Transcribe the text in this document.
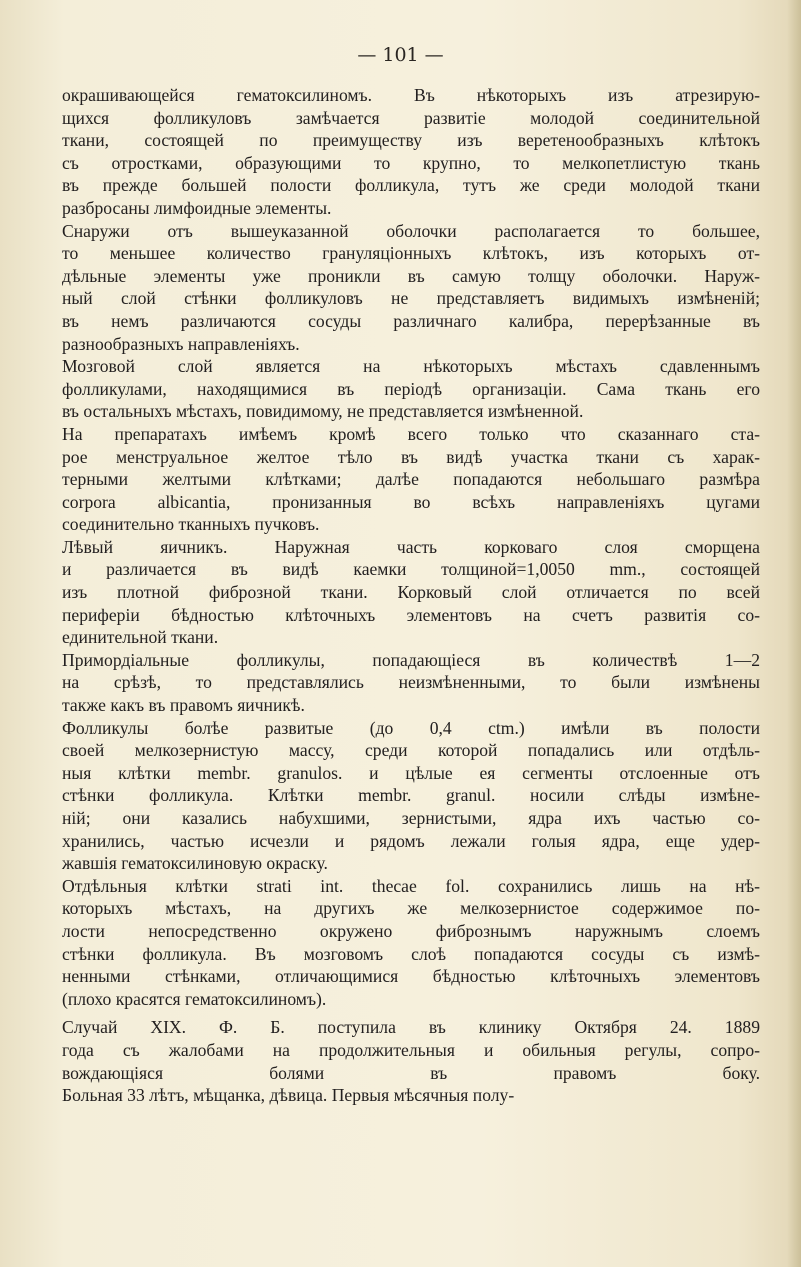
— 101 —
окрашивающейся гематоксилиномъ. Въ нѣкоторыхъ изъ атрезирую-
щихся фолликуловъ замѣчается развитіе молодой соединительной
ткани, состоящей по преимуществу изъ веретенообразныхъ клѣтокъ
съ отростками, образующими то крупно, то мелкопетлистую ткань
въ прежде большей полости фолликула, тутъ же среди молодой ткани
разбросаны лимфоидные элементы.
Снаружи отъ вышеуказанной оболочки располагается то большее,
то меньшее количество грануляціонныхъ клѣтокъ, изъ которыхъ от-
дѣльные элементы уже проникли въ самую толщу оболочки. Наруж-
ный слой стѣнки фолликуловъ не представляетъ видимыхъ измѣненій;
въ немъ различаются сосуды различнаго калибра, перерѣзанные въ
разнообразныхъ направленіяхъ.
Мозговой слой является на нѣкоторыхъ мѣстахъ сдавленнымъ
фолликулами, находящимися въ періодѣ организаціи. Сама ткань его
въ остальныхъ мѣстахъ, повидимому, не представляется измѣненной.
На препаратахъ имѣемъ кромѣ всего только что сказаннаго ста-
рое менструальное желтое тѣло въ видѣ участка ткани съ харак-
терными желтыми клѣтками; далѣе попадаются небольшаго размѣра
corpora albicantia, пронизанныя во всѣхъ направленіяхъ цугами
соединительно тканныхъ пучковъ.
Лѣвый яичникъ. Наружная часть корковаго слоя сморщена
и различается въ видѣ каемки толщиной=1,0050 mm., состоящей
изъ плотной фиброзной ткани. Корковый слой отличается по всей
периферіи бѣдностью клѣточныхъ элементовъ на счетъ развитія со-
единительной ткани.
Примордіальные фолликулы, попадающіеся въ количествѣ 1—2
на срѣзѣ, то представлялись неизмѣненными, то были измѣнены
также какъ въ правомъ яичникѣ.
Фолликулы болѣе развитые (до 0,4 ctm.) имѣли въ полости
своей мелкозернистую массу, среди которой попадались или отдѣль-
ныя клѣтки membr. granulos. и цѣлые ея сегменты отслоенные отъ
стѣнки фолликула. Клѣтки membr. granul. носили слѣды измѣне-
ній; они казались набухшими, зернистыми, ядра ихъ частью со-
хранились, частью исчезли и рядомъ лежали голыя ядра, еще удер-
жавшія гематоксилиновую окраску.
Отдѣльныя клѣтки strati int. thecae fol. сохранились лишь на нѣ-
которыхъ мѣстахъ, на другихъ же мелкозернистое содержимое по-
лости непосредственно окружено фибрознымъ наружнымъ слоемъ
стѣнки фолликула. Въ мозговомъ слоѣ попадаются сосуды съ измѣ-
ненными стѣнками, отличающимися бѣдностью клѣточныхъ элементовъ
(плохо красятся гематоксилиномъ).
Случай XIX. Ф. Б. поступила въ клинику Октября 24. 1889
года съ жалобами на продолжительныя и обильныя регулы, сопро-
вождающіяся болями въ правомъ боку.
Больная 33 лѣтъ, мѣщанка, дѣвица. Первыя мѣсячныя полу-
